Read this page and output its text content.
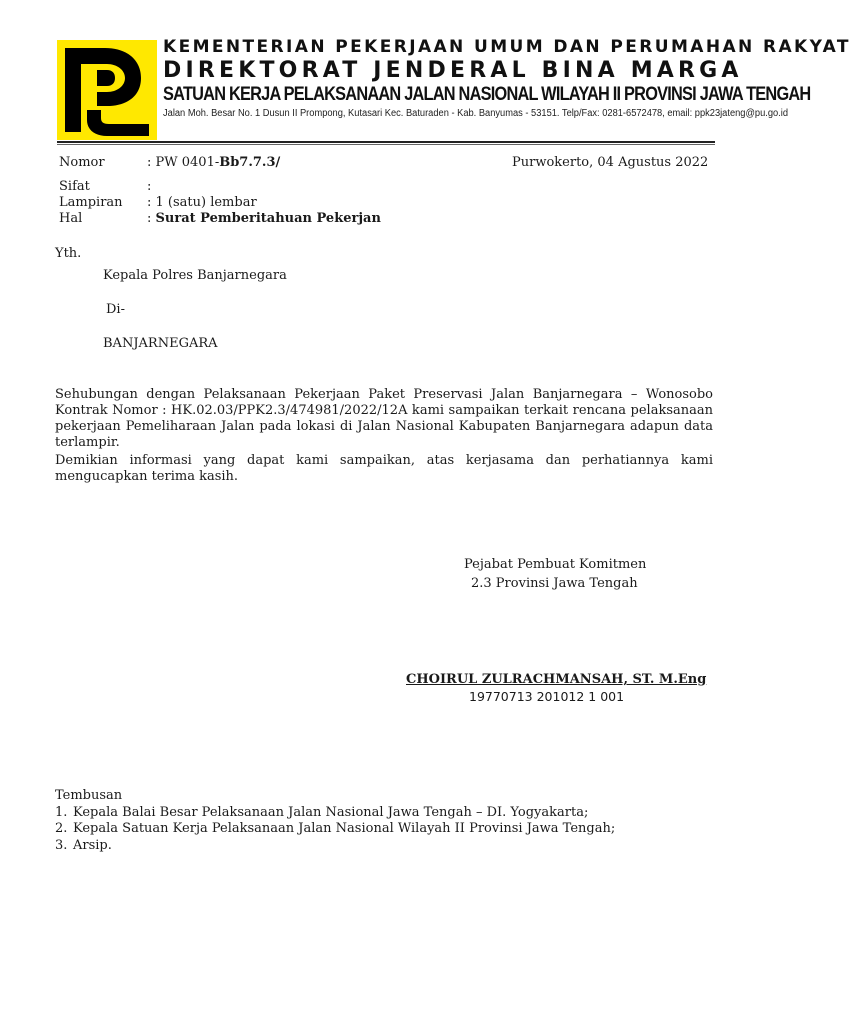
KEMENTERIAN PEKERJAAN UMUM DAN PERUMAHAN RAKYAT
DIREKTORAT JENDERAL BINA MARGA
SATUAN KERJA PELAKSANAAN JALAN NASIONAL WILAYAH II PROVINSI JAWA TENGAH
Jalan Moh. Besar No. 1 Dusun II Prompong, Kutasari Kec. Baturaden - Kab. Banyumas - 53151. Telp/Fax: 0281-6572478, email: ppk23jateng@pu.go.id
Nomor	: PW 0401-Bb7.7.3/	Purwokerto, 04 Agustus 2022
Sifat	:
Lampiran : 1 (satu) lembar
Hal	: Surat Pemberitahuan Pekerjan
Yth.
Kepala Polres Banjarnegara
Di-
BANJARNEGARA
Sehubungan dengan Pelaksanaan Pekerjaan Paket Preservasi Jalan Banjarnegara – Wonosobo Kontrak Nomor : HK.02.03/PPK2.3/474981/2022/12A kami sampaikan terkait rencana pelaksanaan pekerjaan Pemeliharaan Jalan pada lokasi di Jalan Nasional Kabupaten Banjarnegara adapun data terlampir.
Demikian informasi yang dapat kami sampaikan, atas kerjasama dan perhatiannya kami mengucapkan terima kasih.
Pejabat Pembuat Komitmen
2.3 Provinsi Jawa Tengah
CHOIRUL ZULRACHMANSAH, ST. M.Eng
19770713 201012 1 001
Tembusan
1. Kepala Balai Besar Pelaksanaan Jalan Nasional Jawa Tengah – DI. Yogyakarta;
2. Kepala Satuan Kerja Pelaksanaan Jalan Nasional Wilayah II Provinsi Jawa Tengah;
3. Arsip.
